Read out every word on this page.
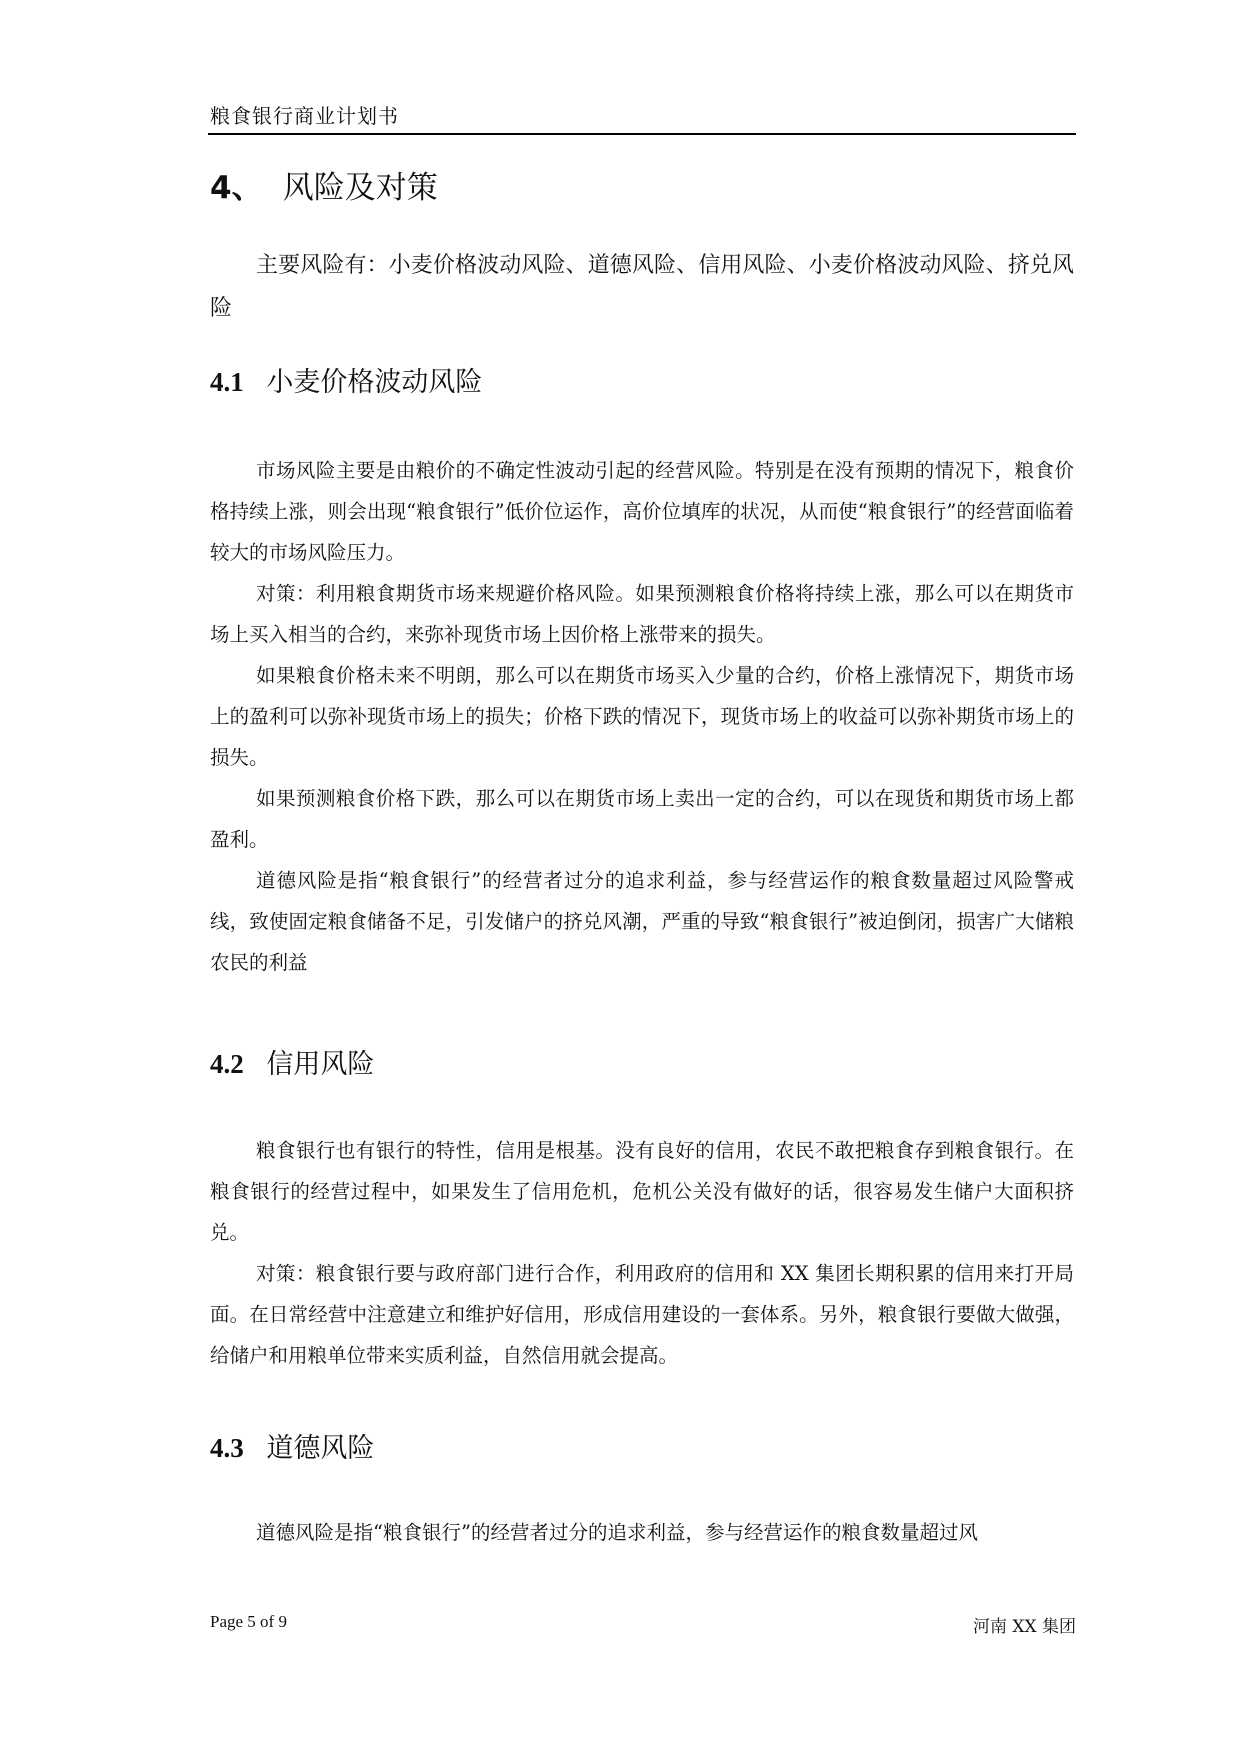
粮食银行商业计划书
4、 风险及对策

主要风险有：小麦价格波动风险、道德风险、信用风险、小麦价格波动风险、挤兑风险

4.1 小麦价格波动风险

市场风险主要是由粮价的不确定性波动引起的经营风险。特别是在没有预期的情况下，粮食价格持续上涨，则会出现“粮食银行”低价位运作，高价位填库的状况，从而使“粮食银行”的经营面临着较大的市场风险压力。

对策：利用粮食期货市场来规避价格风险。如果预测粮食价格将持续上涨，那么可以在期货市场上买入相当的合约，来弥补现货市场上因价格上涨带来的损失。

如果粮食价格未来不明朗，那么可以在期货市场买入少量的合约，价格上涨情况下，期货市场上的盈利可以弥补现货市场上的损失；价格下跌的情况下，现货市场上的收益可以弥补期货市场上的损失。

如果预测粮食价格下跌，那么可以在期货市场上卖出一定的合约，可以在现货和期货市场上都盈利。

道德风险是指“粮食银行”的经营者过分的追求利益，参与经营运作的粮食数量超过风险警戒线，致使固定粮食储备不足，引发储户的挤兑风潮，严重的导致“粮食银行”被迫倒闭，损害广大储粮农民的利益

4.2 信用风险

粮食银行也有银行的特性，信用是根基。没有良好的信用，农民不敢把粮食存到粮食银行。在粮食银行的经营过程中，如果发生了信用危机，危机公关没有做好的话，很容易发生储户大面积挤兑。

对策：粮食银行要与政府部门进行合作，利用政府的信用和 XX 集团长期积累的信用来打开局面。在日常经营中注意建立和维护好信用，形成信用建设的一套体系。另外，粮食银行要做大做强，给储户和用粮单位带来实质利益，自然信用就会提高。

4.3 道德风险

道德风险是指“粮食银行”的经营者过分的追求利益，参与经营运作的粮食数量超过风

Page 5 of 9	河南 XX 集团
